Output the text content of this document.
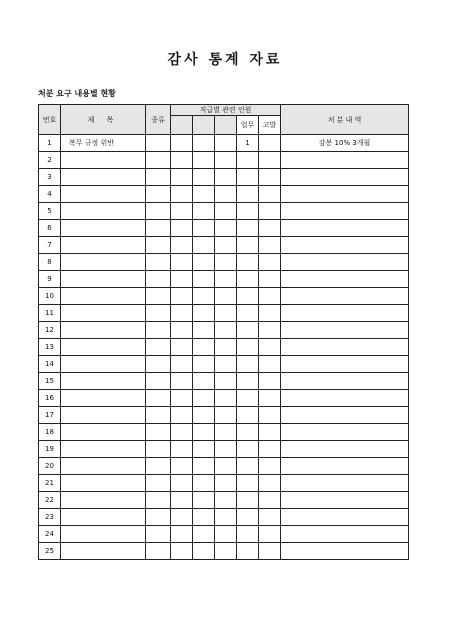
감사 통계 자료
처분 요구 내용별 현황
번호	제 목	종류	직급별 관련 인원					처 분 내 역
						업무	고발	
1	복무 규정 위반					1		감봉 10% 3개월
2								
3								
4								
5								
6								
7								
8								
9								
10								
11								
12								
13								
14								
15								
16								
17								
18								
19								
20								
21								
22								
23								
24								
25								
